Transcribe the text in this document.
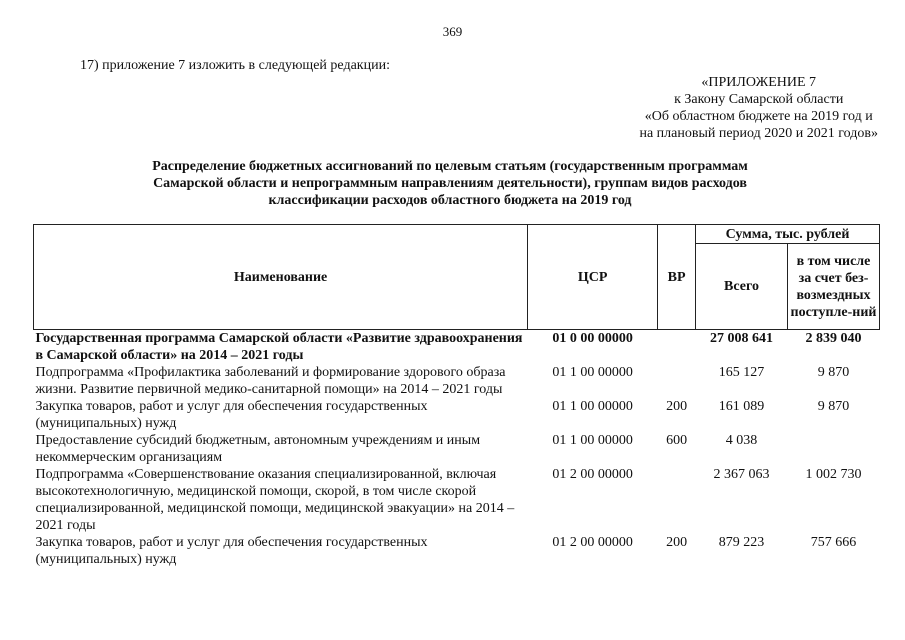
369
17) приложение 7 изложить в следующей редакции:
«ПРИЛОЖЕНИЕ 7
к Закону Самарской области
«Об областном бюджете на 2019 год и
на плановый период 2020 и 2021 годов»
Распределение бюджетных ассигнований по целевым статьям (государственным программам
Самарской области и непрограммным направлениям деятельности), группам видов расходов
классификации расходов областного бюджета на 2019 год
Наименование	ЦСР	ВР	Сумма, тыс. рублей	
			Всего	в том числе за счет без-возмездных поступле-ний
Государственная программа Самарской области «Развитие здравоохранения в Самарской области» на 2014 – 2021 годы	01 0 00 00000		27 008 641	2 839 040
Подпрограмма «Профилактика заболеваний и формирование здорового образа жизни. Развитие первичной медико-санитарной помощи» на 2014 – 2021 годы	01 1 00 00000		165 127	9 870
Закупка товаров, работ и услуг для обеспечения государственных (муниципальных) нужд	01 1 00 00000	200	161 089	9 870
Предоставление субсидий бюджетным, автономным учреждениям и иным некоммерческим организациям	01 1 00 00000	600	4 038	
Подпрограмма «Совершенствование оказания специализированной, включая высокотехнологичную, медицинской помощи, скорой, в том числе скорой специализированной, медицинской помощи, медицинской эвакуации» на 2014 – 2021 годы	01 2 00 00000		2 367 063	1 002 730
Закупка товаров, работ и услуг для обеспечения государственных (муниципальных) нужд	01 2 00 00000	200	879 223	757 666
